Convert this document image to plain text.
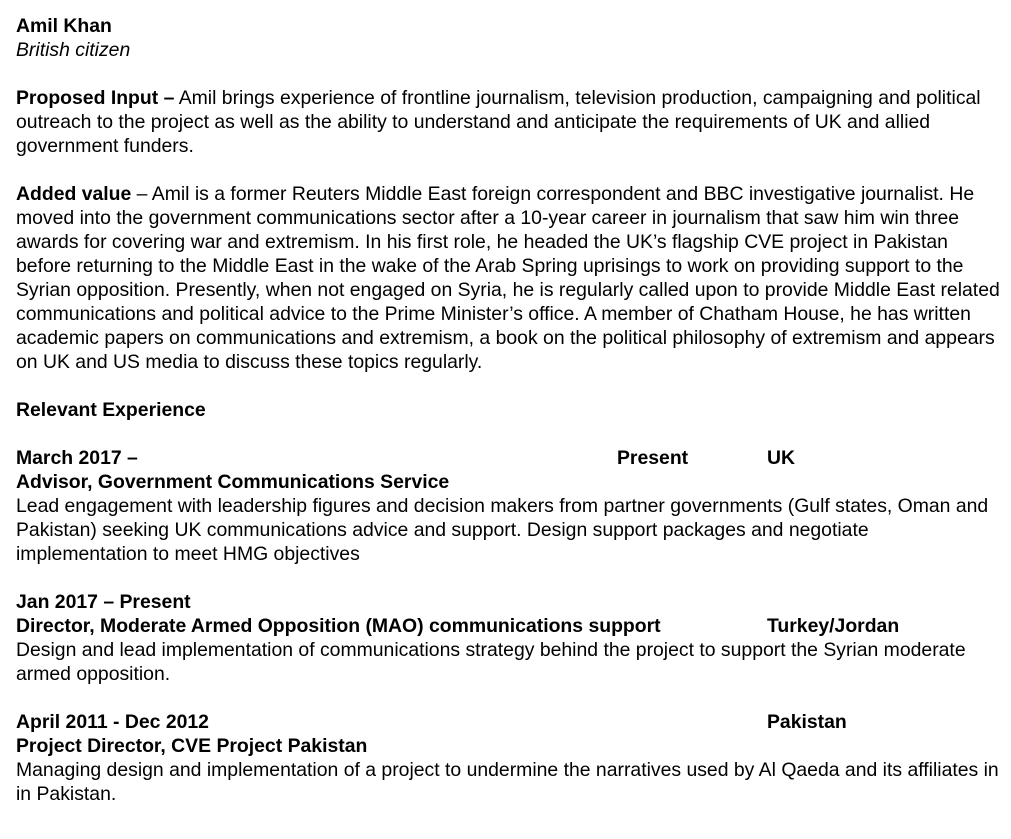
Amil Khan
British citizen

Proposed Input – Amil brings experience of frontline journalism, television production, campaigning and political outreach to the project as well as the ability to understand and anticipate the requirements of UK and allied government funders.

Added value – Amil is a former Reuters Middle East foreign correspondent and BBC investigative journalist. He moved into the government communications sector after a 10-year career in journalism that saw him win three awards for covering war and extremism. In his first role, he headed the UK’s flagship CVE project in Pakistan before returning to the Middle East in the wake of the Arab Spring uprisings to work on providing support to the Syrian opposition. Presently, when not engaged on Syria, he is regularly called upon to provide Middle East related communications and political advice to the Prime Minister’s office. A member of Chatham House, he has written academic papers on communications and extremism, a book on the political philosophy of extremism and appears on UK and US media to discuss these topics regularly.

Relevant Experience
March 2017 –	Present	UK
Advisor, Government Communications Service

Lead engagement with leadership figures and decision makers from partner governments (Gulf states, Oman and Pakistan) seeking UK communications advice and support. Design support packages and negotiate implementation to meet HMG objectives

Jan 2017 – Present
Director, Moderate Armed Opposition (MAO) communications support	Turkey/Jordan

Design and lead implementation of communications strategy behind the project to support the Syrian moderate armed opposition.

April 2011 - Dec 2012	Pakistan
Project Director, CVE Project Pakistan

Managing design and implementation of a project to undermine the narratives used by Al Qaeda and its affiliates in in Pakistan.
